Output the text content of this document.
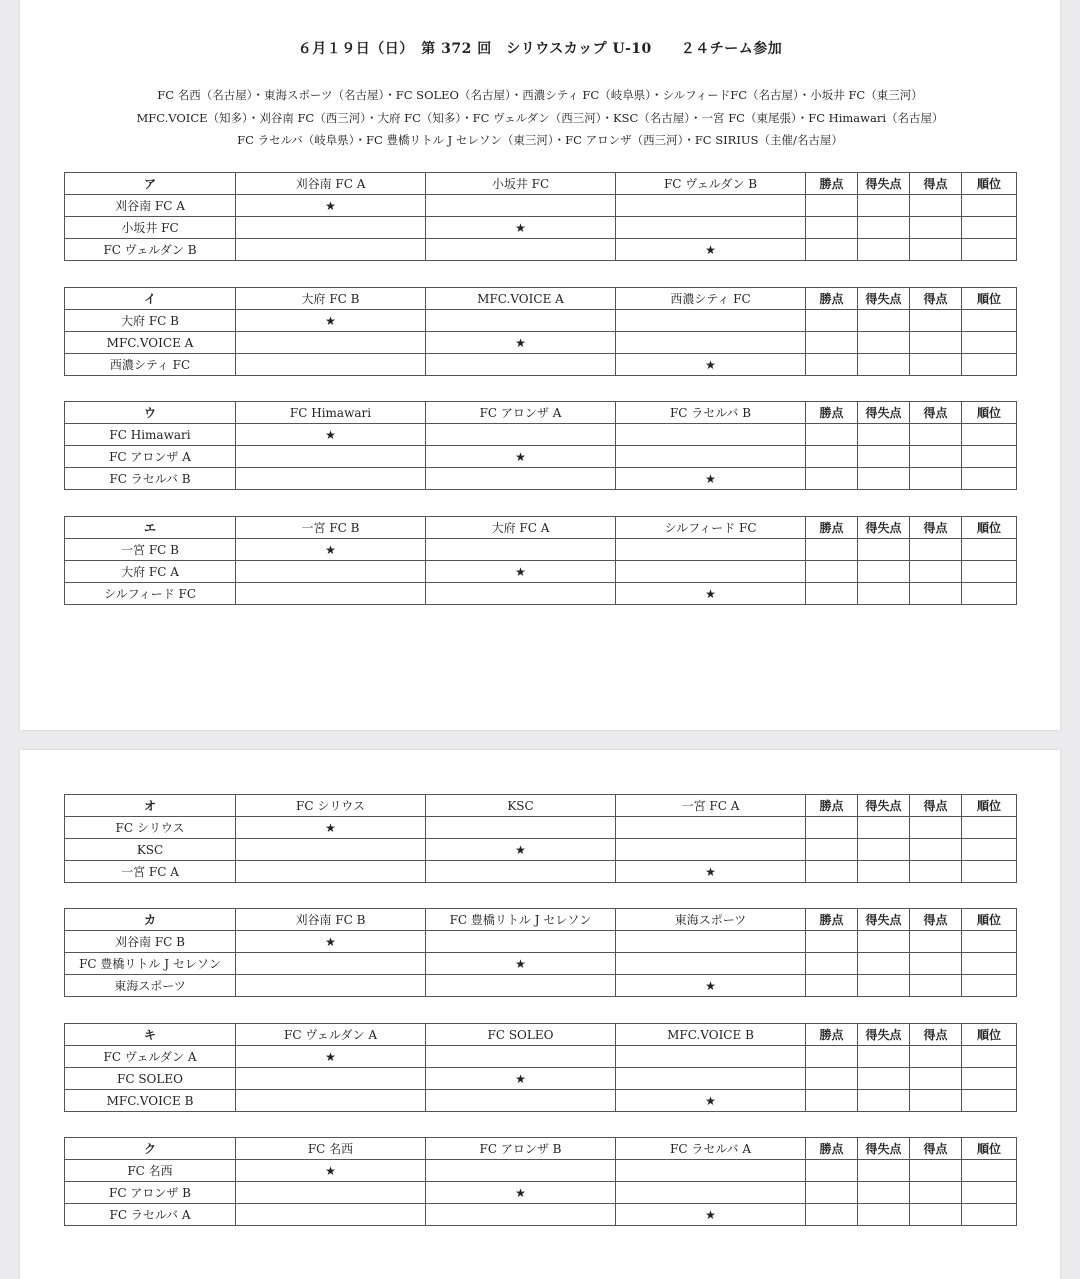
６月１９日（日）　第 372 回　シリウスカップ U-10　　２４チーム参加
FC 名西（名古屋）・東海スポーツ（名古屋）・FC SOLEO（名古屋）・西濃シティ FC（岐阜県）・シルフィードFC（名古屋）・小坂井 FC（東三河）
MFC.VOICE（知多）・刈谷南 FC（西三河）・大府 FC（知多）・FC ヴェルダン（西三河）・KSC（名古屋）・一宮 FC（東尾張）・FC Himawari（名古屋）
FC ラセルバ（岐阜県）・FC 豊橋リトル J セレソン（東三河）・FC アロンザ（西三河）・FC SIRIUS（主催/名古屋）
ア	刈谷南 FC A	小坂井 FC	FC ヴェルダン B	勝点	得失点	得点	順位
刈谷南 FC A	★						
小坂井 FC		★					
FC ヴェルダン B			★				
イ	大府 FC B	MFC.VOICE A	西濃シティ FC	勝点	得失点	得点	順位
大府 FC B	★						
MFC.VOICE A		★					
西濃シティ FC			★				
ウ	FC Himawari	FC アロンザ A	FC ラセルバ B	勝点	得失点	得点	順位
FC Himawari	★						
FC アロンザ A		★					
FC ラセルバ B			★				
エ	一宮 FC B	大府 FC A	シルフィード FC	勝点	得失点	得点	順位
一宮 FC B	★						
大府 FC A		★					
シルフィード FC			★				
オ	FC シリウス	KSC	一宮 FC A	勝点	得失点	得点	順位
FC シリウス	★						
KSC		★					
一宮 FC A			★				
カ	刈谷南 FC B	FC 豊橋リトル J セレソン	東海スポーツ	勝点	得失点	得点	順位
刈谷南 FC B	★						
FC 豊橋リトル J セレソン		★					
東海スポーツ			★				
キ	FC ヴェルダン A	FC SOLEO	MFC.VOICE B	勝点	得失点	得点	順位
FC ヴェルダン A	★						
FC SOLEO		★					
MFC.VOICE B			★				
ク	FC 名西	FC アロンザ B	FC ラセルバ A	勝点	得失点	得点	順位
FC 名西	★						
FC アロンザ B		★					
FC ラセルバ A			★				
